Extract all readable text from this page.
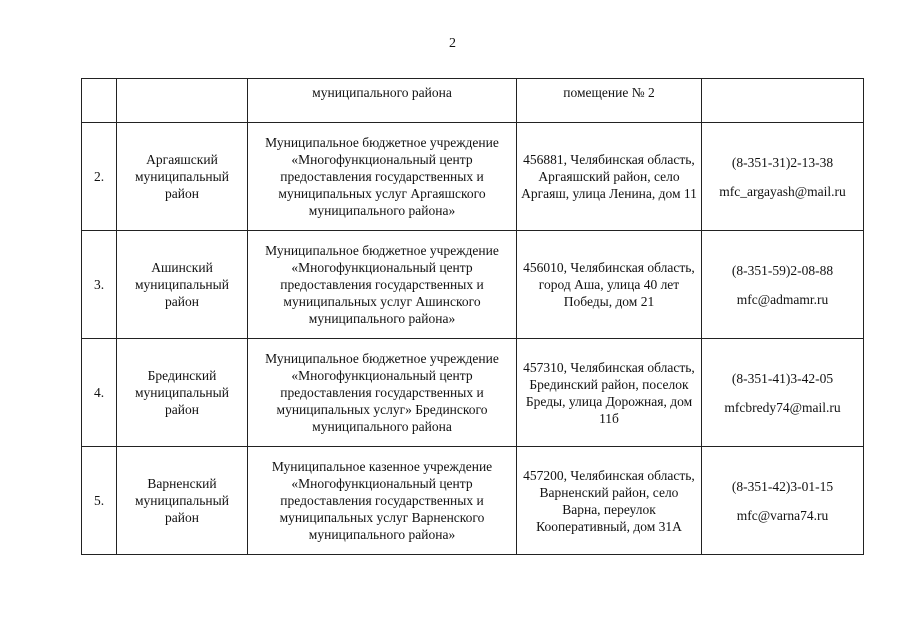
2
		муниципального района	помещение № 2	
2.	Аргаяшский муниципальный район	Муниципальное бюджетное учреждение «Многофункциональный центр предоставления государственных и муниципальных услуг Аргаяшского муниципального района»	456881, Челябинская область, Аргаяшский район, село Аргаяш, улица Ленина, дом 11	(8-351-31)2-13-38
mfc_argayash@mail.ru

3.	Ашинский муниципальный район	Муниципальное бюджетное учреждение «Многофункциональный центр предоставления государственных и муниципальных услуг Ашинского муниципального района»	456010, Челябинская область, город Аша, улица 40 лет Победы, дом 21	(8-351-59)2-08-88
mfc@admamr.ru

4.	Брединский муниципальный район	Муниципальное бюджетное учреждение «Многофункциональный центр предоставления государственных и муниципальных услуг» Брединского муниципального района	457310, Челябинская область, Брединский район, поселок Бреды, улица Дорожная, дом 11б	(8-351-41)3-42-05
mfcbredy74@mail.ru

5.	Варненский муниципальный район	Муниципальное казенное учреждение «Многофункциональный центр предоставления государственных и муниципальных услуг Варненского муниципального района»	457200, Челябинская область, Варненский район, село Варна, переулок Кооперативный, дом 31А	(8-351-42)3-01-15
mfc@varna74.ru
